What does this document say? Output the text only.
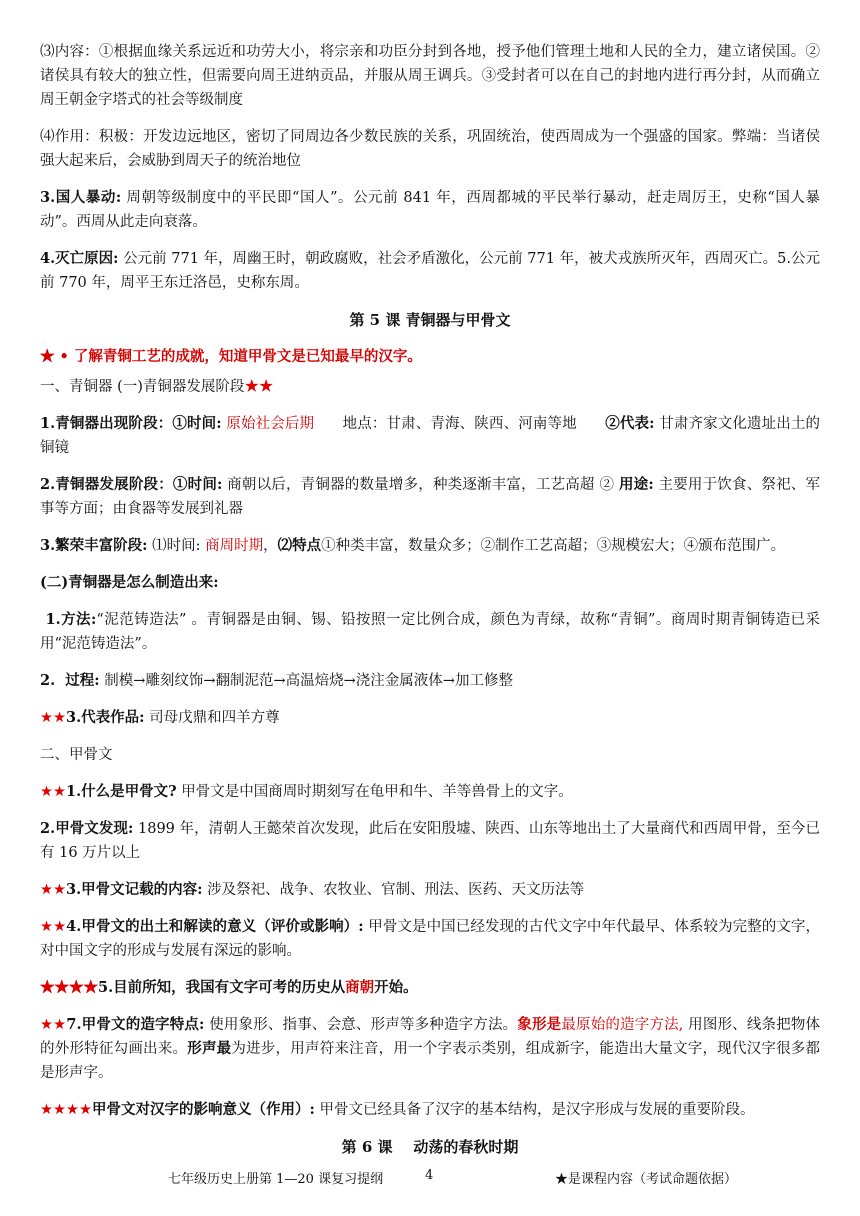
⑶内容：①根据血缘关系远近和功劳大小，将宗亲和功臣分封到各地，授予他们管理土地和人民的全力，建立诸侯国。②诸侯具有较大的独立性，但需要向周王进纳贡品，并服从周王调兵。③受封者可以在自己的封地内进行再分封，从而确立周王朝金字塔式的社会等级制度

⑷作用：积极：开发边远地区，密切了同周边各少数民族的关系，巩固统治，使西周成为一个强盛的国家。弊端：当诸侯强大起来后，会威胁到周天子的统治地位

3.国人暴动: 周朝等级制度中的平民即“国人”。公元前 841 年，西周都城的平民举行暴动，赶走周厉王，史称“国人暴动”。西周从此走向衰落。

4.灭亡原因: 公元前 771 年，周幽王时，朝政腐败，社会矛盾激化，公元前 771 年，被犬戎族所灭年，西周灭亡。5.公元前 770 年，周平王东迁洛邑，史称东周。

第 5 课 青铜器与甲骨文

★ • 了解青铜工艺的成就，知道甲骨文是已知最早的汉字。

一、青铜器 (一)青铜器发展阶段★★

1.青铜器出现阶段：①时间: 原始社会后期      地点：甘肃、青海、陕西、河南等地      ②代表: 甘肃齐家文化遗址出土的铜镜

2.青铜器发展阶段：①时间: 商朝以后，青铜器的数量增多，种类逐渐丰富，工艺高超 ② 用途: 主要用于饮食、祭祀、军事等方面；由食器等发展到礼器

3.繁荣丰富阶段: ⑴时间: 商周时期，⑵特点①种类丰富，数量众多；②制作工艺高超；③规模宏大；④颁布范围广。

(二)青铜器是怎么制造出来:

1.方法:“泥范铸造法” 。青铜器是由铜、锡、铅按照一定比例合成，颜色为青绿，故称“青铜”。商周时期青铜铸造已采用“泥范铸造法”。

2.  过程: 制模→雕刻纹饰→翻制泥范→高温焙烧→浇注金属液体→加工修整

★★3.代表作品: 司母戊鼎和四羊方尊

二、甲骨文

★★1.什么是甲骨文? 甲骨文是中国商周时期刻写在龟甲和牛、羊等兽骨上的文字。

2.甲骨文发现: 1899 年，清朝人王懿荣首次发现，此后在安阳殷墟、陕西、山东等地出土了大量商代和西周甲骨，至今已有 16 万片以上

★★3.甲骨文记载的内容: 涉及祭祀、战争、农牧业、官制、刑法、医药、天文历法等

★★4.甲骨文的出土和解读的意义（评价或影响）: 甲骨文是中国已经发现的古代文字中年代最早、体系较为完整的文字，对中国文字的形成与发展有深远的影响。

★★★★5.目前所知，我国有文字可考的历史从商朝开始。

★★7.甲骨文的造字特点: 使用象形、指事、会意、形声等多种造字方法。象形是最原始的造字方法, 用图形、线条把物体的外形特征勾画出来。形声最为进步，用声符来注音，用一个字表示类别，组成新字，能造出大量文字，现代汉字很多都是形声字。

★★★★甲骨文对汉字的影响意义（作用）: 甲骨文已经具备了汉字的基本结构，是汉字形成与发展的重要阶段。

第 6 课    动荡的春秋时期

七年级历史上册第 1—20 课复习提纲	4	★是课程内容（考试命题依据）
